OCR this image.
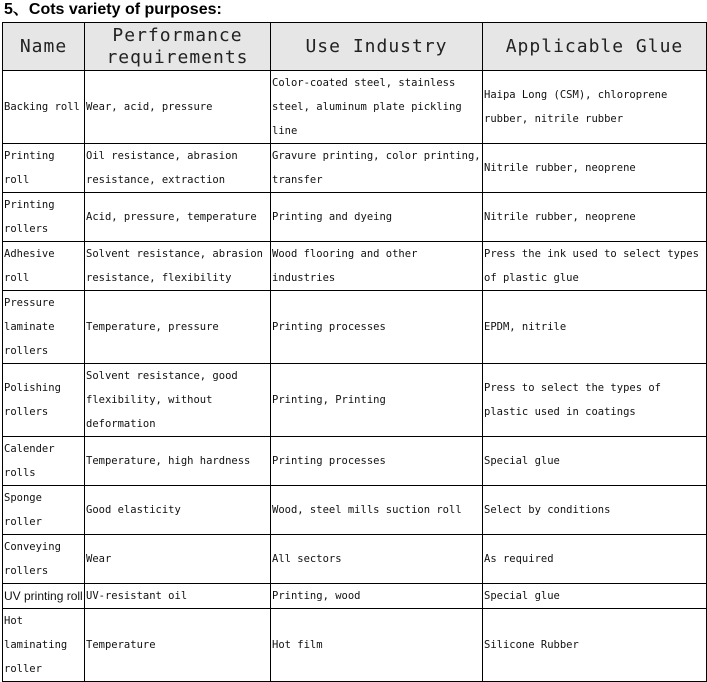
5、Cots variety of purposes:
Name	Performance requirements	Use Industry	Applicable Glue
Backing roll	Wear, acid, pressure	Color-coated steel, stainless steel, aluminum plate pickling line	Haipa Long (CSM), chloroprene rubber, nitrile rubber
Printing roll	Oil resistance, abrasion resistance, extraction	Gravure printing, color printing, transfer	Nitrile rubber, neoprene
Printing rollers	Acid, pressure, temperature	Printing and dyeing	Nitrile rubber, neoprene
Adhesive roll	Solvent resistance, abrasion resistance, flexibility	Wood flooring and other industries	Press the ink used to select types of plastic glue
Pressure laminate rollers	Temperature, pressure	Printing processes	EPDM, nitrile
Polishing rollers	Solvent resistance, good flexibility, without deformation	Printing, Printing	Press to select the types of plastic used in coatings
Calender rolls	Temperature, high hardness	Printing processes	Special glue
Sponge roller	Good elasticity	Wood, steel mills suction roll	Select by conditions
Conveying rollers	Wear	All sectors	As required
UV printing roll	UV-resistant oil	Printing, wood	Special glue
Hot laminating roller	Temperature	Hot film	Silicone Rubber
